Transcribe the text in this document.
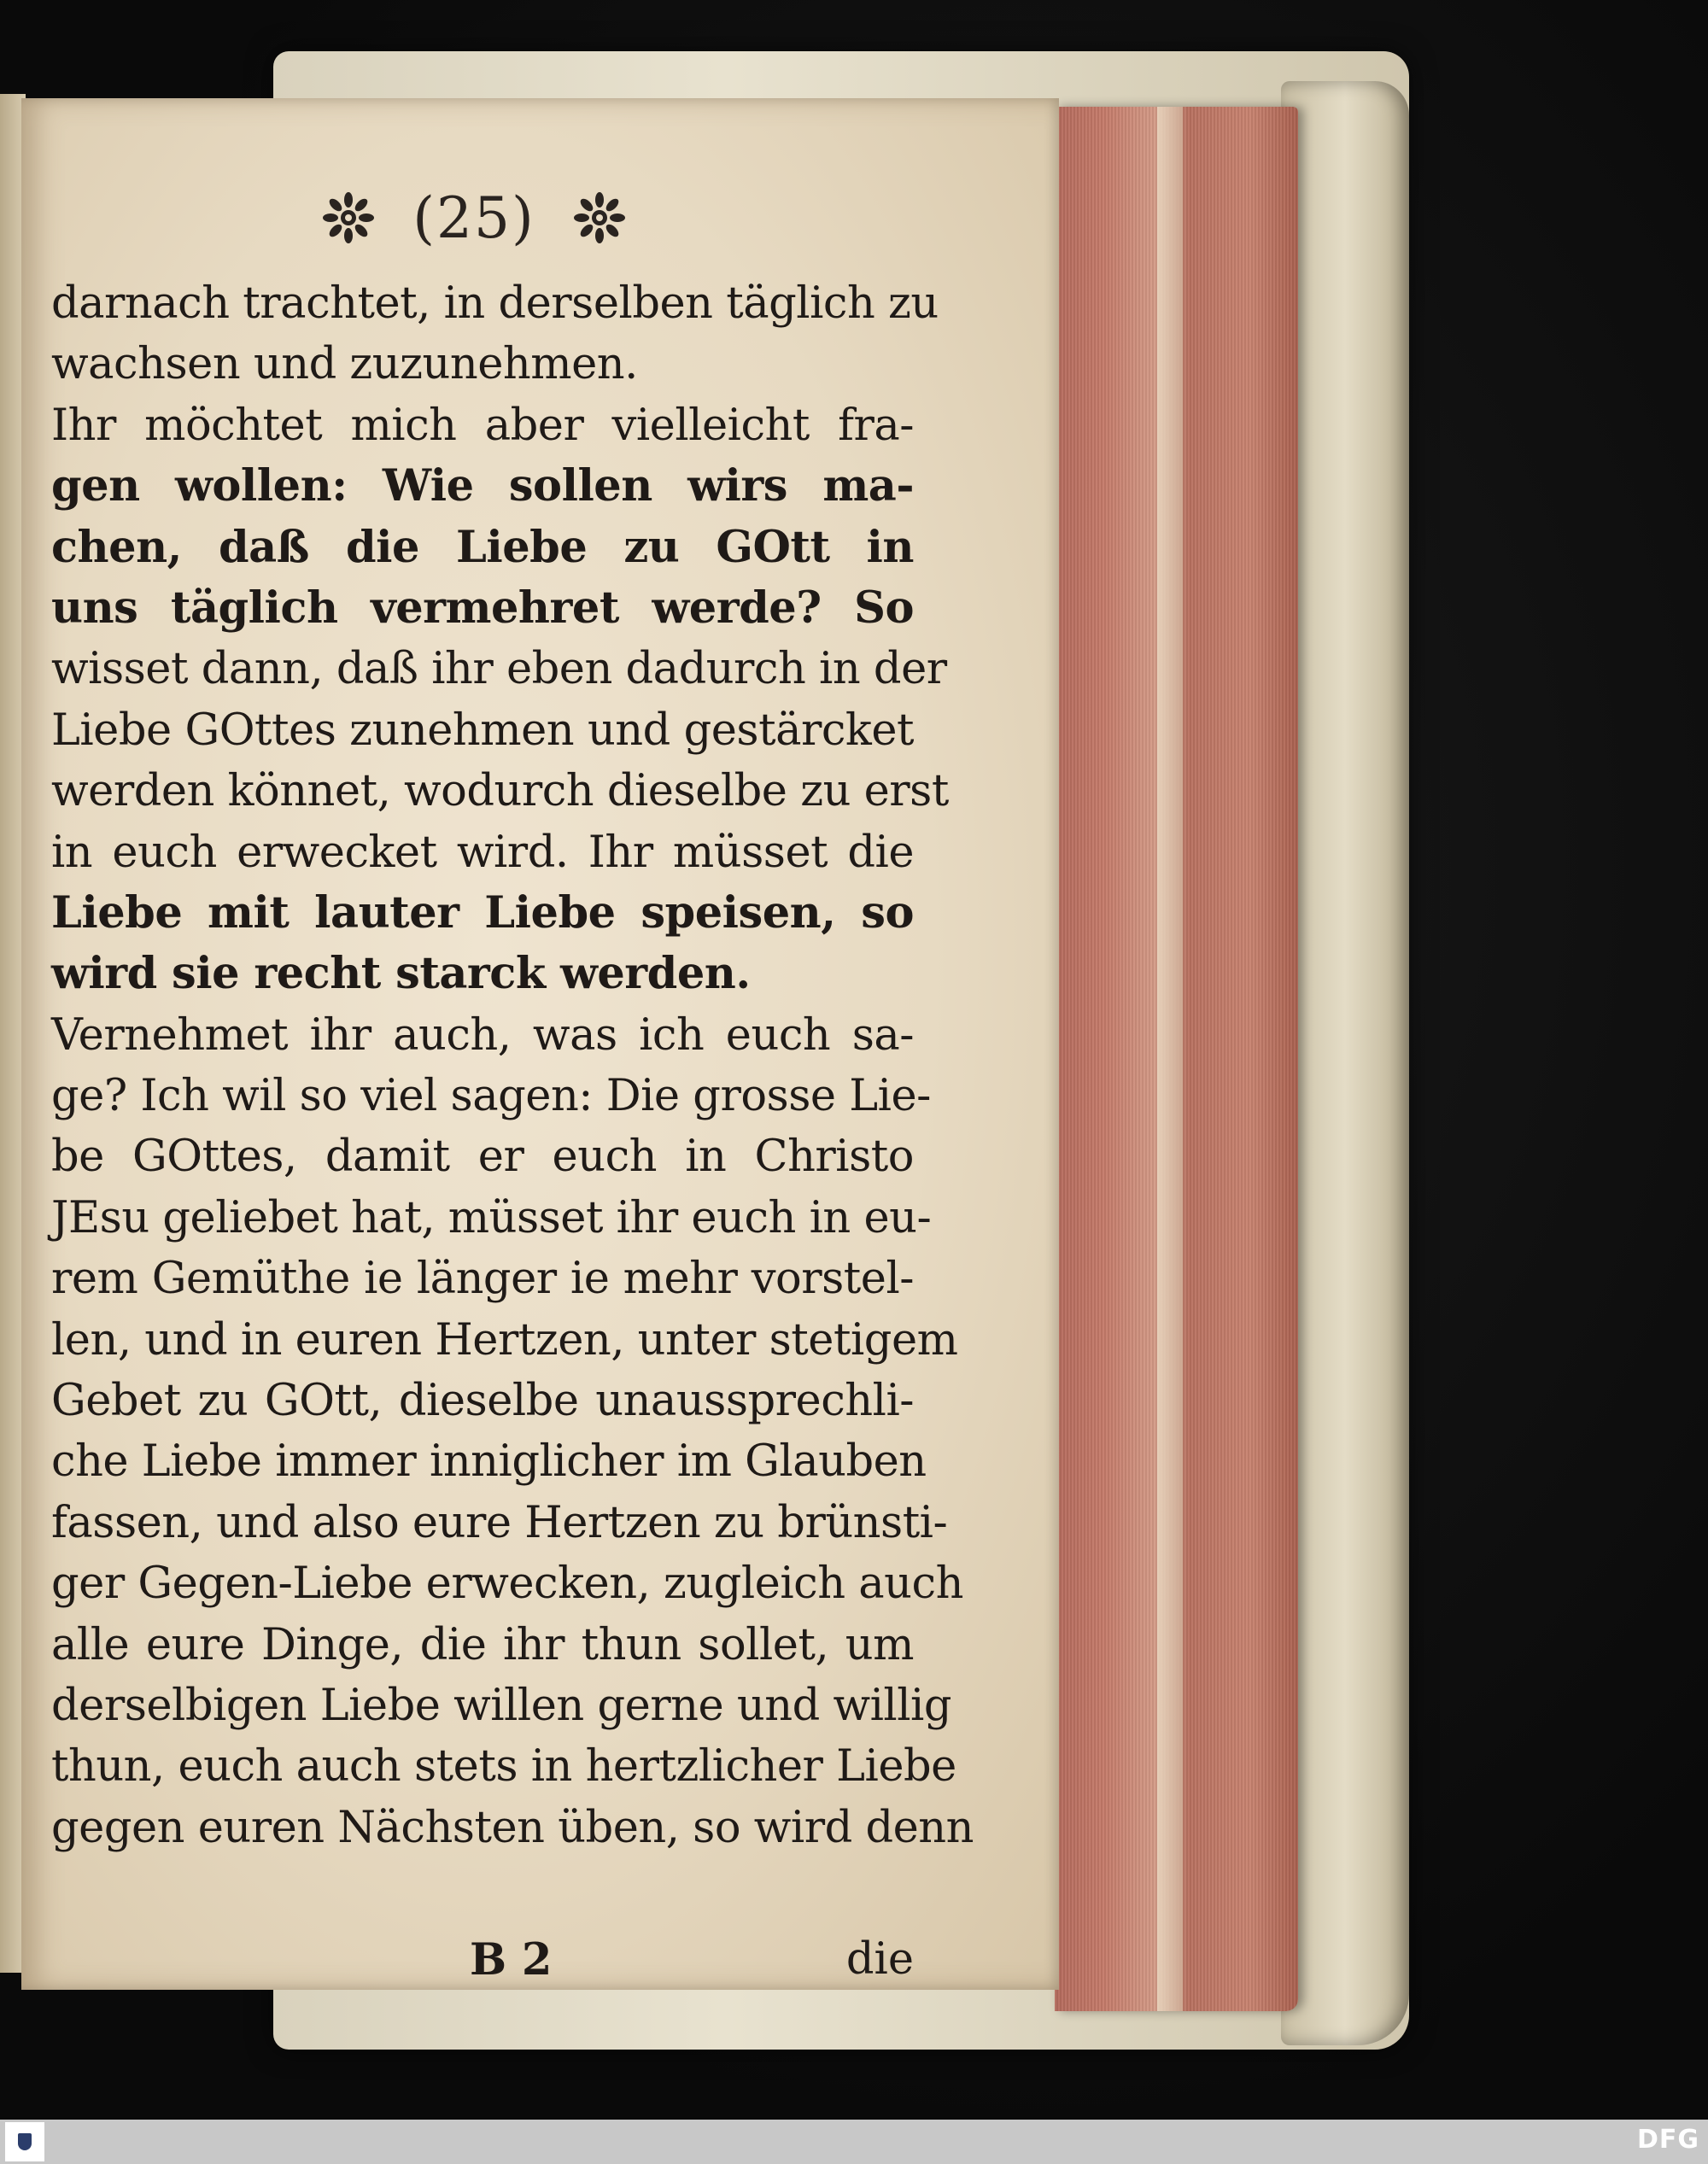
(25)
darnach trachtet, in derselben täglich zu
wachsen und zuzunehmen.
Ihr möchtet mich aber vielleicht fra-
gen wollen: Wie sollen wirs ma-
chen, daß die Liebe zu GOtt in
uns täglich vermehret werde? So
wisset dann, daß ihr eben dadurch in der
Liebe GOttes zunehmen und gestärcket
werden könnet, wodurch dieselbe zu erst
in euch erwecket wird. Ihr müsset die
Liebe mit lauter Liebe speisen, so
wird sie recht starck werden.
Vernehmet ihr auch, was ich euch sa-
ge? Ich wil so viel sagen: Die grosse Lie-
be GOttes, damit er euch in Christo
JEsu geliebet hat, müsset ihr euch in eu-
rem Gemüthe ie länger ie mehr vorstel-
len, und in euren Hertzen, unter stetigem
Gebet zu GOtt, dieselbe unaussprechli-
che Liebe immer inniglicher im Glauben
fassen, und also eure Hertzen zu brünsti-
ger Gegen-Liebe erwecken, zugleich auch
alle eure Dinge, die ihr thun sollet, um
derselbigen Liebe willen gerne und willig
thun, euch auch stets in hertzlicher Liebe
gegen euren Nächsten üben, so wird denn
B 2	die
DFG
